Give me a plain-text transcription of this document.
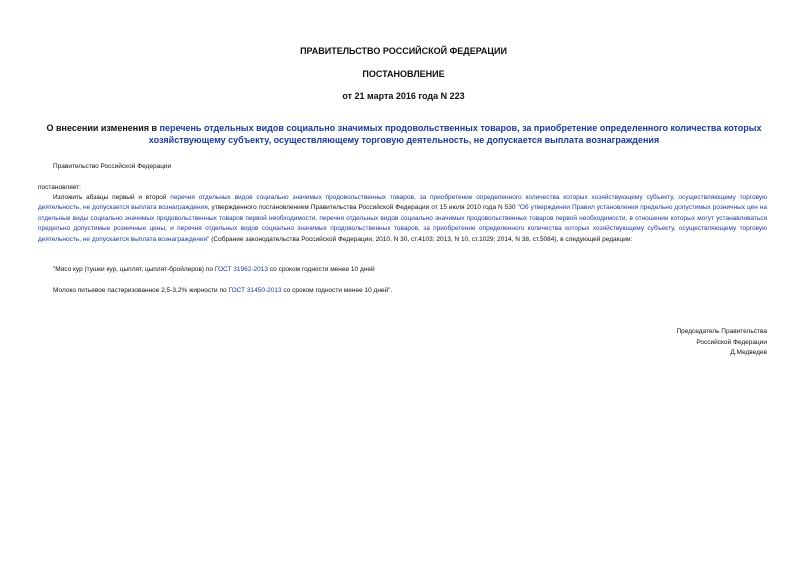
ПРАВИТЕЛЬСТВО РОССИЙСКОЙ ФЕДЕРАЦИИ
ПОСТАНОВЛЕНИЕ
от 21 марта 2016 года N 223
О внесении изменения в перечень отдельных видов социально значимых продовольственных товаров, за приобретение определенного количества которых хозяйствующему субъекту, осуществляющему торговую деятельность, не допускается выплата вознаграждения
Правительство Российской Федерации
постановляет:
Изложить абзацы первый и второй перечня отдельных видов социально значимых продовольственных товаров, за приобретение определенного количества которых хозяйствующему субъекту, осуществляющему торговую деятельность, не допускается выплата вознаграждения, утвержденного постановлением Правительства Российской Федерации от 15 июля 2010 года N 530 "Об утверждении Правил установления предельно допустимых розничных цен на отдельные виды социально значимых продовольственных товаров первой необходимости, перечня отдельных видов социально значимых продовольственных товаров первой необходимости, в отношении которых могут устанавливаться предельно допустимые розничные цены, и перечня отдельных видов социально значимых продовольственных товаров, за приобретение определенного количества которых хозяйствующему субъекту, осуществляющему торговую деятельность, не допускается выплата вознаграждения" (Собрание законодательства Российской Федерации, 2010, N 30, ст.4103; 2013, N 10, ст.1029; 2014, N 38, ст.5084), в следующей редакции:
"Мясо кур (тушки кур, цыплят, цыплят-бройлеров) по ГОСТ 31962-2013 со сроком годности менее 10 дней
Молоко питьевое пастеризованное 2,5-3,2% жирности по ГОСТ 31450-2013 со сроком годности менее 10 дней".
Председатель Правительства
Российской Федерации
Д.Медведев
